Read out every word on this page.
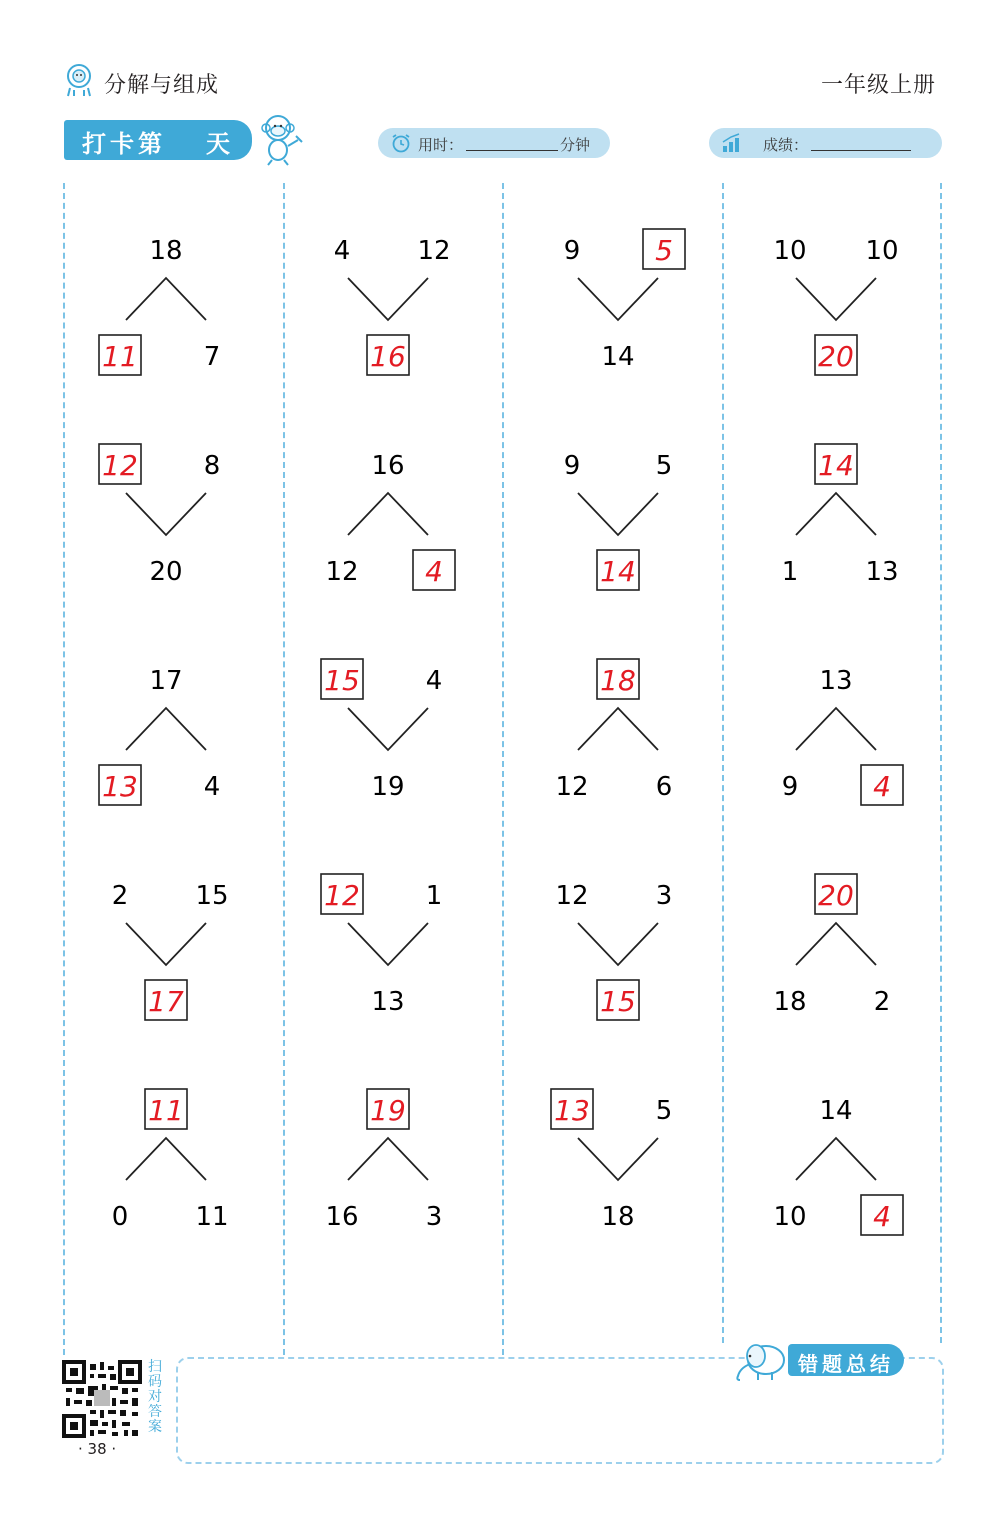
分解与组成	一年级上册
打卡第 天	用时：	分钟	成绩：
18
11	7
12	8
20
17
13	4
2	15
17
11
0	11
4	12
16
16
12 4
15	4
19
12	1
13
19
16	3
9	5
14
9	5
14
18
12	6
12	3
15
13	5
18
10 10
20
14
1	13
13
9	4
20
18	2
14
10 4
扫码对答案
· 38 ·
错题总结
